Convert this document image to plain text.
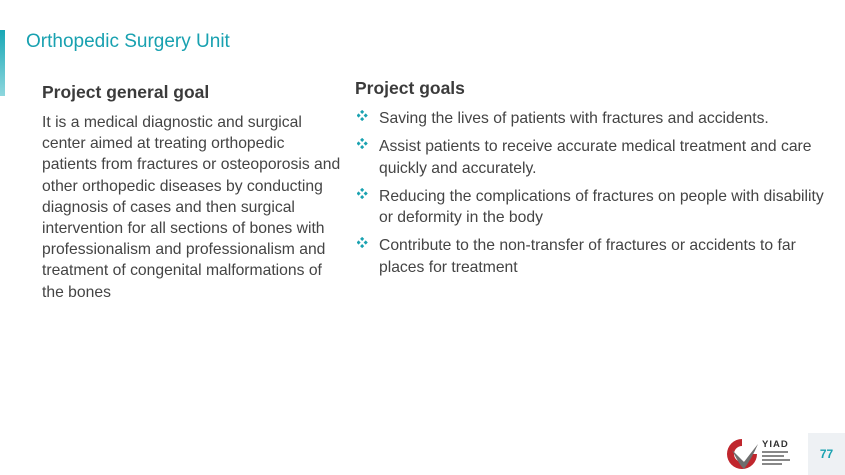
Orthopedic Surgery Unit
Project general goal
It is a medical diagnostic and surgical center aimed at treating orthopedic patients from fractures or osteoporosis and other orthopedic diseases by conducting diagnosis of cases and then surgical intervention for all sections of bones with professionalism and professionalism and treatment of congenital malformations of the bones
Project goals
Saving the lives of patients with fractures and accidents.
Assist patients to receive accurate medical treatment and care quickly and accurately.
Reducing the complications of fractures on people with disability or deformity in the body
Contribute to the non-transfer of fractures or accidents to far places for treatment
YIAD
77
